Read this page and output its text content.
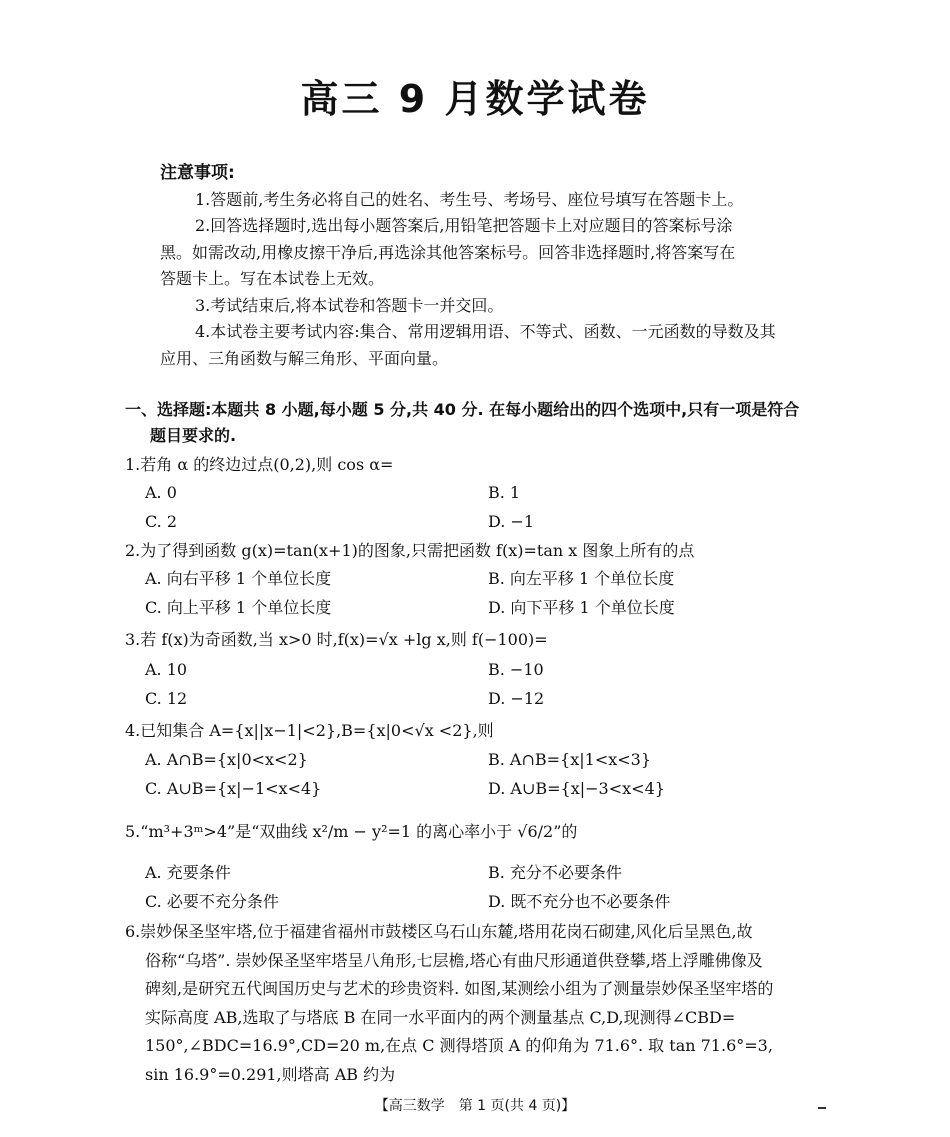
高三 9 月数学试卷

注意事项:

1.答题前,考生务必将自己的姓名、考生号、考场号、座位号填写在答题卡上。

2.回答选择题时,选出每小题答案后,用铅笔把答题卡上对应题目的答案标号涂

黑。如需改动,用橡皮擦干净后,再选涂其他答案标号。回答非选择题时,将答案写在

答题卡上。写在本试卷上无效。

3.考试结束后,将本试卷和答题卡一并交回。

4.本试卷主要考试内容:集合、常用逻辑用语、不等式、函数、一元函数的导数及其

应用、三角函数与解三角形、平面向量。

一、选择题:本题共 8 小题,每小题 5 分,共 40 分. 在每小题给出的四个选项中,只有一项是符合
题目要求的.
1.若角 α 的终边过点(0,2),则 cos α=
A. 0	B. 1
C. 2	D. −1
2.为了得到函数 g(x)=tan(x+1)的图象,只需把函数 f(x)=tan x 图象上所有的点
A. 向右平移 1 个单位长度	B. 向左平移 1 个单位长度
C. 向上平移 1 个单位长度	D. 向下平移 1 个单位长度
3.若 f(x)为奇函数,当 x>0 时,f(x)=√x +lg x,则 f(−100)=
A. 10	B. −10
C. 12	D. −12
4.已知集合 A={x||x−1|<2},B={x|0<√x <2},则
A. A∩B={x|0<x<2}	B. A∩B={x|1<x<3}
C. A∪B={x|−1<x<4}	D. A∪B={x|−3<x<4}
5.“m³+3ᵐ>4”是“双曲线 x²/m − y²=1 的离心率小于 √6/2”的
A. 充要条件	B. 充分不必要条件
C. 必要不充分条件	D. 既不充分也不必要条件
6.崇妙保圣坚牢塔,位于福建省福州市鼓楼区乌石山东麓,塔用花岗石砌建,风化后呈黑色,故
俗称“乌塔”. 崇妙保圣坚牢塔呈八角形,七层檐,塔心有曲尺形通道供登攀,塔上浮雕佛像及
碑刻,是研究五代闽国历史与艺术的珍贵资料. 如图,某测绘小组为了测量崇妙保圣坚牢塔的
实际高度 AB,选取了与塔底 B 在同一水平面内的两个测量基点 C,D,现测得∠CBD=
150°,∠BDC=16.9°,CD=20 m,在点 C 测得塔顶 A 的仰角为 71.6°. 取 tan 71.6°=3,
sin 16.9°=0.291,则塔高 AB 约为
【高三数学　第 1 页(共 4 页)】
